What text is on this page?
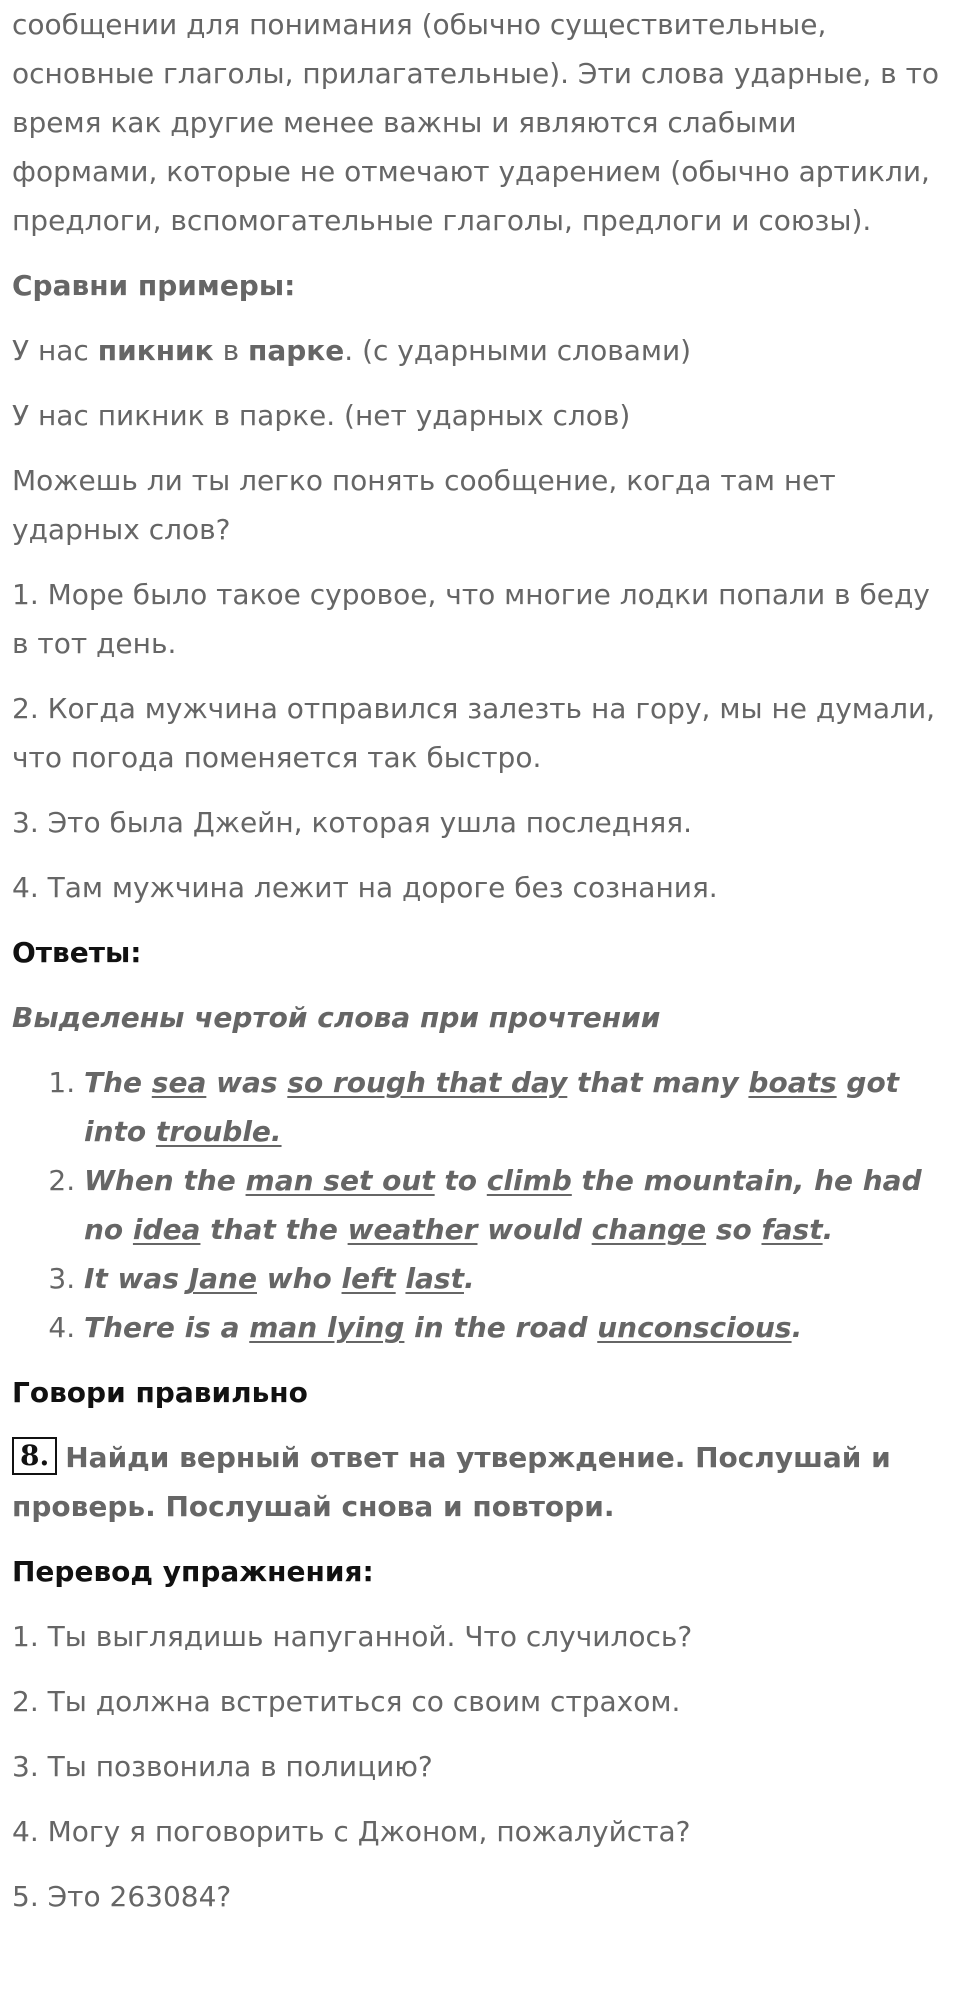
сообщении для понимания (обычно существительные, основные глаголы, прилагательные). Эти слова ударные, в то время как другие менее важны и являются слабыми формами, которые не отмечают ударением (обычно артикли, предлоги, вспомогательные глаголы, предлоги и союзы).

Сравни примеры:

У нас пикник в парке. (с ударными словами)

У нас пикник в парке. (нет ударных слов)

Можешь ли ты легко понять сообщение, когда там нет ударных слов?

1. Море было такое суровое, что многие лодки попали в беду в тот день.

2. Когда мужчина отправился залезть на гору, мы не думали, что погода поменяется так быстро.

3. Это была Джейн, которая ушла последняя.

4. Там мужчина лежит на дороге без сознания.

Ответы:

Выделены чертой слова при прочтении

1. The sea was so rough that day that many boats got into trouble.
2. When the man set out to climb the mountain, he had no idea that the weather would change so fast.
3. It was Jane who left last.
4. There is a man lying in the road unconscious.

Говори правильно

8. Найди верный ответ на утверждение. Послушай и проверь. Послушай снова и повтори.

Перевод упражнения:

1. Ты выглядишь напуганной. Что случилось?

2. Ты должна встретиться со своим страхом.

3. Ты позвонила в полицию?

4. Могу я поговорить с Джоном, пожалуйста?

5. Это 263084?
